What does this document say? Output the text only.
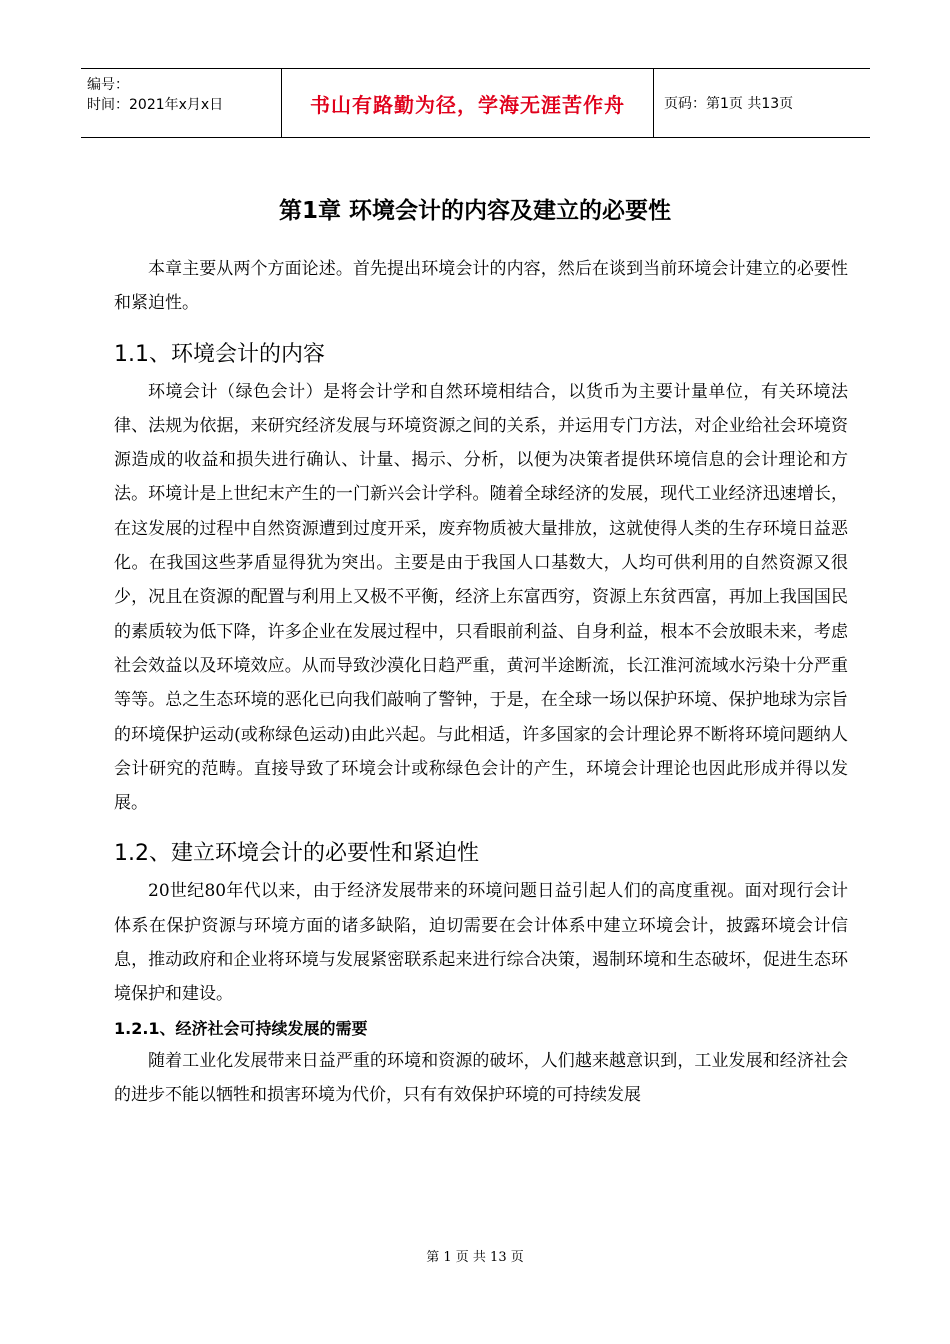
编号：
时间：2021年x月x日	书山有路勤为径，学海无涯苦作舟	页码：第1页 共13页
第1章 环境会计的内容及建立的必要性

本章主要从两个方面论述。首先提出环境会计的内容，然后在谈到当前环境会计建立的必要性和紧迫性。

1.1、环境会计的内容

环境会计（绿色会计）是将会计学和自然环境相结合，以货币为主要计量单位，有关环境法律、法规为依据，来研究经济发展与环境资源之间的关系，并运用专门方法，对企业给社会环境资源造成的收益和损失进行确认、计量、揭示、分析，以便为决策者提供环境信息的会计理论和方法。环境计是上世纪末产生的一门新兴会计学科。随着全球经济的发展，现代工业经济迅速增长，在这发展的过程中自然资源遭到过度开采，废弃物质被大量排放，这就使得人类的生存环境日益恶化。在我国这些茅盾显得犹为突出。主要是由于我国人口基数大，人均可供利用的自然资源又很少，况且在资源的配置与利用上又极不平衡，经济上东富西穷，资源上东贫西富，再加上我国国民的素质较为低下降，许多企业在发展过程中，只看眼前利益、自身利益，根本不会放眼未来，考虑社会效益以及环境效应。从而导致沙漠化日趋严重，黄河半途断流，长江淮河流域水污染十分严重等等。总之生态环境的恶化已向我们敲响了警钟，于是，在全球一场以保护环境、保护地球为宗旨的环境保护运动(或称绿色运动)由此兴起。与此相适，许多国家的会计理论界不断将环境问题纳人会计研究的范畴。直接导致了环境会计或称绿色会计的产生，环境会计理论也因此形成并得以发展。

1.2、建立环境会计的必要性和紧迫性

20世纪80年代以来，由于经济发展带来的环境问题日益引起人们的高度重视。面对现行会计体系在保护资源与环境方面的诸多缺陷，迫切需要在会计体系中建立环境会计，披露环境会计信息，推动政府和企业将环境与发展紧密联系起来进行综合决策，遏制环境和生态破坏，促进生态环境保护和建设。

1.2.1、经济社会可持续发展的需要

随着工业化发展带来日益严重的环境和资源的破坏，人们越来越意识到，工业发展和经济社会的进步不能以牺牲和损害环境为代价，只有有效保护环境的可持续发展

第 1 页 共 13 页
